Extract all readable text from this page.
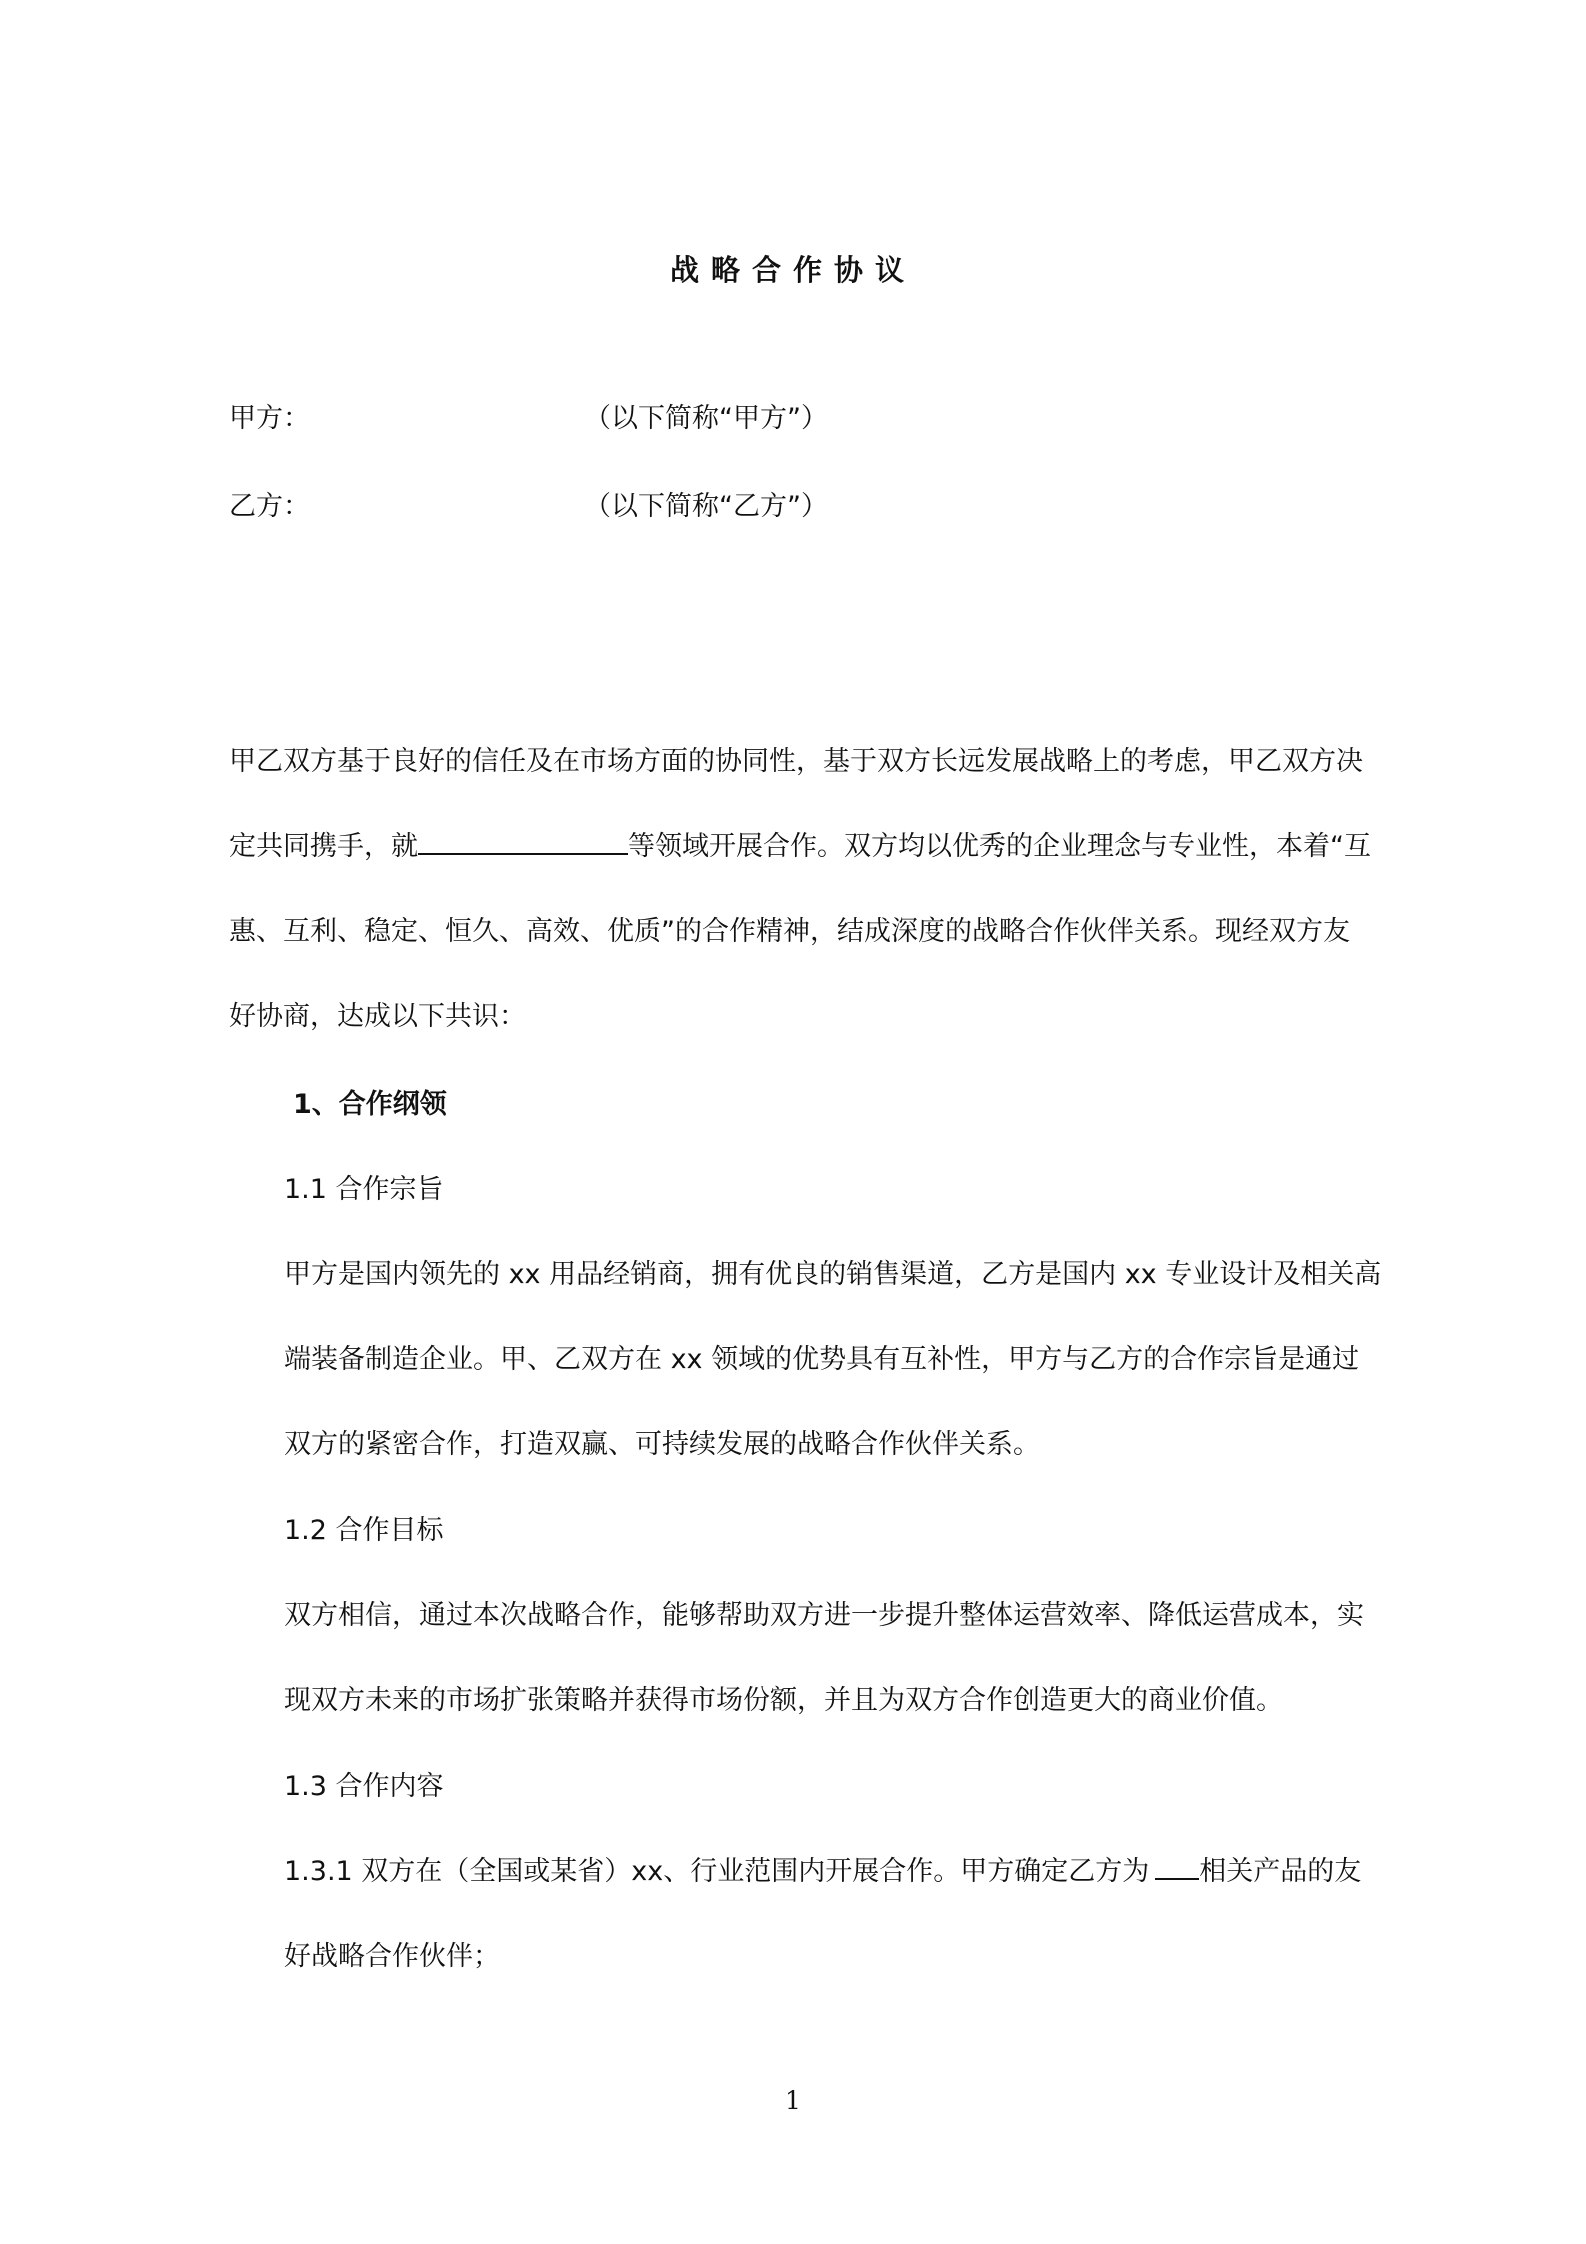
战略合作协议
甲方：	（以下简称“甲方”）
乙方：	（以下简称“乙方”）
甲乙双方基于良好的信任及在市场方面的协同性，基于双方长远发展战略上的考虑，甲乙双方决
定共同携手，就	等领域开展合作。双方均以优秀的企业理念与专业性，本着“互
惠、互利、稳定、恒久、高效、优质”的合作精神，结成深度的战略合作伙伴关系。现经双方友
好协商，达成以下共识：
1、合作纲领
1.1 合作宗旨
甲方是国内领先的 xx 用品经销商，拥有优良的销售渠道，乙方是国内 xx 专业设计及相关高
端装备制造企业。甲、乙双方在 xx 领域的优势具有互补性，甲方与乙方的合作宗旨是通过
双方的紧密合作，打造双赢、可持续发展的战略合作伙伴关系。
1.2 合作目标
双方相信，通过本次战略合作，能够帮助双方进一步提升整体运营效率、降低运营成本，实
现双方未来的市场扩张策略并获得市场份额，并且为双方合作创造更大的商业价值。
1.3 合作内容
1.3.1 双方在（全国或某省）xx、行业范围内开展合作。甲方确定乙方为 相关产品的友
好战略合作伙伴；
1
